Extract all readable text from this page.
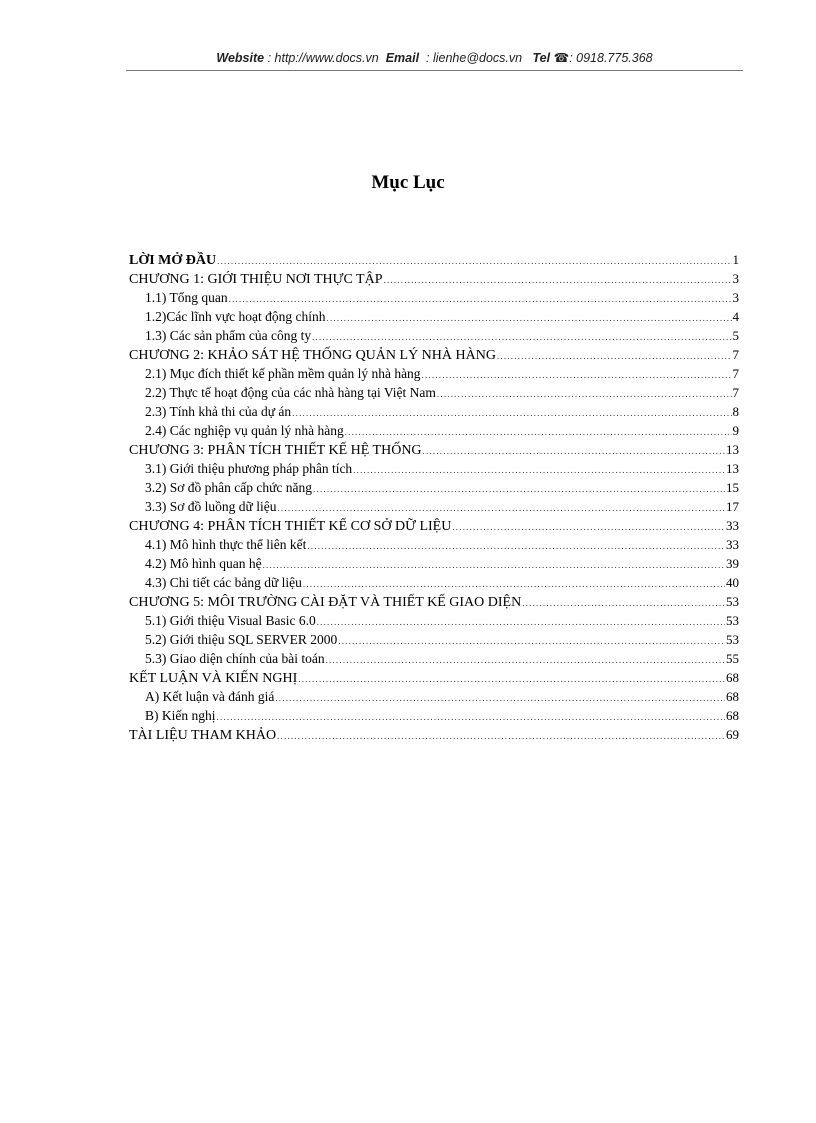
Website : http://www.docs.vn Email : lienhe@docs.vn Tel ☎: 0918.775.368
Mục Lục
LỜI MỞ ĐẦU .....	1
CHƯƠNG 1: GIỚI THIỆU NƠI THỰC TẬP .....	3
1.1) Tổng quan .....	3
1.2)Các lĩnh vực hoạt động chính .....	4
1.3) Các sản phẩm của công ty .....	5
CHƯƠNG 2: KHẢO SÁT HỆ THỐNG QUẢN LÝ NHÀ HÀNG .....	7
2.1) Mục đích thiết kế phần mềm quản lý nhà hàng .....	7
2.2) Thực tế hoạt động của các nhà hàng tại Việt Nam .....	7
2.3) Tính khả thi của dự án .....	8
2.4) Các nghiệp vụ quản lý nhà hàng .....	9
CHƯƠNG 3: PHÂN TÍCH THIẾT KẾ HỆ THỐNG .....	13
3.1) Giới thiệu phương pháp phân tích .....	13
3.2) Sơ đồ phân cấp chức năng .....	15
3.3) Sơ đồ luồng dữ liệu .....	17
CHƯƠNG 4: PHÂN TÍCH THIẾT KẾ CƠ SỞ DỮ LIỆU .....	33
4.1) Mô hình thực thể liên kết .....	33
4.2) Mô hình quan hệ .....	39
4.3) Chi tiết các bảng dữ liệu .....	40
CHƯƠNG 5: MÔI TRƯỜNG CÀI ĐẶT VÀ THIẾT KẾ GIAO DIỆN .....	53
5.1) Giới thiệu Visual Basic 6.0 .....	53
5.2) Giới thiệu SQL SERVER 2000 .....	53
5.3) Giao diện chính của bài toán .....	55
KẾT LUẬN VÀ KIẾN NGHỊ .....	68
A) Kết luận và đánh giá .....	68
B) Kiến nghị .....	68
TÀI LIỆU THAM KHẢO .....	69
